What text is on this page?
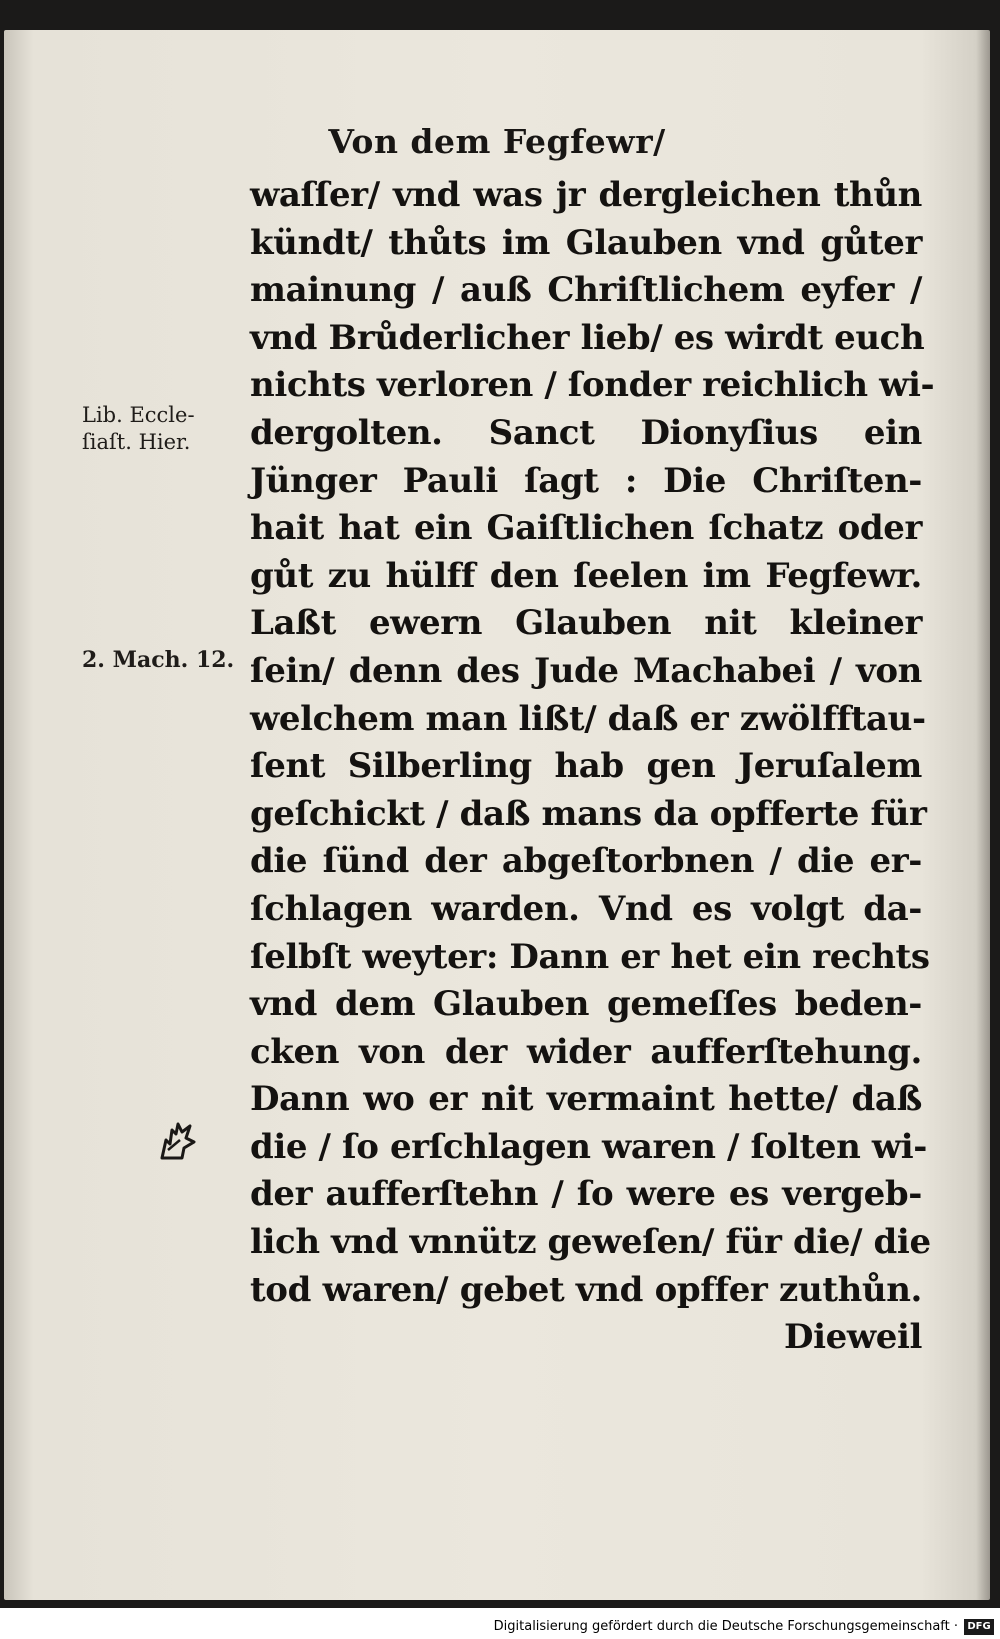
Von dem Fegfewr/
Lib. Eccle-
ſiaſt. Hier.
2. Mach. 12.
waſſer/ vnd was jr dergleichen thůn
kündt/ thůts im Glauben vnd gůter
mainung / auß Chriſtlichem eyfer /
vnd Brůderlicher lieb/ es wirdt euch
nichts verloren / ſonder reichlich wi-
dergolten. Sanct Dionyſius ein
Jünger Pauli ſagt : Die Chriſten-
hait hat ein Gaiſtlichen ſchatz oder
gůt zu hülff den ſeelen im Fegfewr.
Laßt ewern Glauben nit kleiner
ſein/ denn des Jude Machabei / von
welchem man lißt/ daß er zwölfftau-
ſent Silberling hab gen Jeruſalem
geſchickt / daß mans da opfferte für
die ſünd der abgeſtorbnen / die er-
ſchlagen warden. Vnd es volgt da-
ſelbſt weyter: Dann er het ein rechts
vnd dem Glauben gemeſſes beden-
cken von der wider aufferſtehung.
Dann wo er nit vermaint hette/ daß
die / ſo erſchlagen waren / ſolten wi-
der aufferſtehn / ſo were es vergeb-
lich vnd vnnütz geweſen/ für die/ die
tod waren/ gebet vnd opffer zuthůn.
Dieweil
Digitalisierung gefördert durch die Deutsche Forschungsgemeinschaft · DFG
